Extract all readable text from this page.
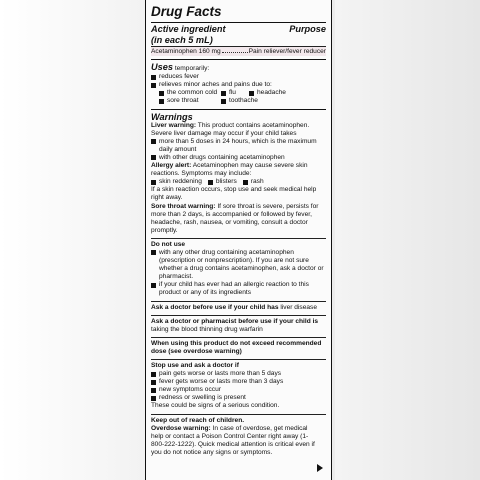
Drug Facts
Active ingredient
(in each 5 mL)
Purpose
Acetaminophen 160 mg	Pain reliever/fever reducer
Uses temporarily:
reduces fever
relieves minor aches and pains due to:
the common cold flu	headache
sore throat	toothache
Warnings
Liver warning: This product contains acetaminophen. Severe liver damage may occur if your child takes
more than 5 doses in 24 hours, which is the maximum daily amount
with other drugs containing acetaminophen
Allergy alert: Acetaminophen may cause severe skin reactions. Symptoms may include:
skin reddening blisters rash
If a skin reaction occurs, stop use and seek medical help right away.
Sore throat warning: If sore throat is severe, persists for more than 2 days, is accompanied or followed by fever, headache, rash, nausea, or vomiting, consult a doctor promptly.
Do not use
with any other drug containing acetaminophen (prescription or nonprescription). If you are not sure whether a drug contains acetaminophen, ask a doctor or pharmacist.
if your child has ever had an allergic reaction to this product or any of its ingredients
Ask a doctor before use if your child has liver disease
Ask a doctor or pharmacist before use if your child is taking the blood thinning drug warfarin
When using this product do not exceed recommended dose (see overdose warning)
Stop use and ask a doctor if
pain gets worse or lasts more than 5 days
fever gets worse or lasts more than 3 days
new symptoms occur
redness or swelling is present
These could be signs of a serious condition.
Keep out of reach of children.
Overdose warning: In case of overdose, get medical help or contact a Poison Control Center right away (1-800-222-1222). Quick medical attention is critical even if you do not notice any signs or symptoms.
